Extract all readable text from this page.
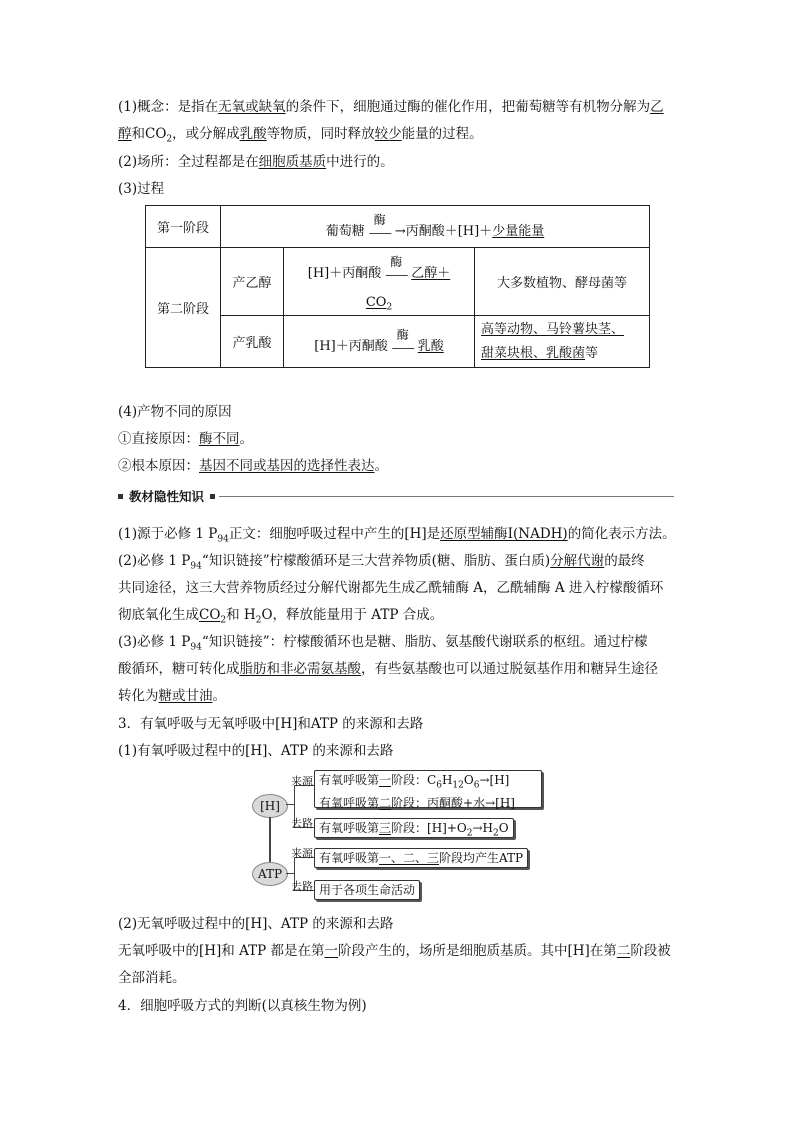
(1)概念：是指在无氧或缺氧的条件下，细胞通过酶的催化作用，把葡萄糖等有机物分解为乙
醇和$CO_2$，或分解成乳酸等物质，同时释放较少能量的过程。
(2)场所：全过程都是在细胞质基质中进行的。
(3)过程
第一阶段	葡萄糖
酶
—— →丙酮酸＋[H]＋ 少量能量		

第二阶段	产乙醇	[H]＋丙酮酸
酶
—— 乙醇＋
$CO_2$	大多数植物、酵母菌等
	产乳酸	[H]＋丙酮酸
酶
—— 乳酸	高等动物、马铃薯块茎、
甜菜块根、乳酸菌等
(4)产物不同的原因
①直接原因：酶不同。
②根本原因：基因不同或基因的选择性表达。
教材隐性知识
(1)源于必修 1 $P_{94}$正文：细胞呼吸过程中产生的[H]是还原型辅酶Ⅰ(NADH)的简化表示方法。
(2)必修 1 $P_{94}“$知识链接”柠檬酸循环是三大营养物质(糖、脂肪、蛋白质)分解代谢的最终
共同途径，这三大营养物质经过分解代谢都先生成乙酰辅酶 A，乙酰辅酶 A 进入柠檬酸循环
彻底氧化生成$CO_2$和 $H_2O$，释放能量用于 ATP 合成。
(3)必修 1 $P_{94}“$知识链接”：柠檬酸循环也是糖、脂肪、氨基酸代谢联系的枢纽。通过柠檬
酸循环，糖可转化成脂肪和非必需氨基酸，有些氨基酸也可以通过脱氨基作用和糖异生途径
转化为糖或甘油。
3．有氧呼吸与无氧呼吸中[H]和ATP 的来源和去路
(1)有氧呼吸过程中的[H]、ATP 的来源和去路
[H]
ATP
来源
去路
有氧呼吸第一阶段：$C_6H_{12}O_6\to[H]$
有氧呼吸第二阶段：丙酮酸+水→[H]
有氧呼吸第三阶段：$[H]+O_2\to H_2O$
来源
去路
有氧呼吸第一、二、三阶段均产生ATP
用于各项生命活动
(2)无氧呼吸过程中的[H]、ATP 的来源和去路
无氧呼吸中的[H]和 ATP 都是在第一阶段产生的，场所是细胞质基质。其中[H]在第二阶段被
全部消耗。
4．细胞呼吸方式的判断(以真核生物为例)
